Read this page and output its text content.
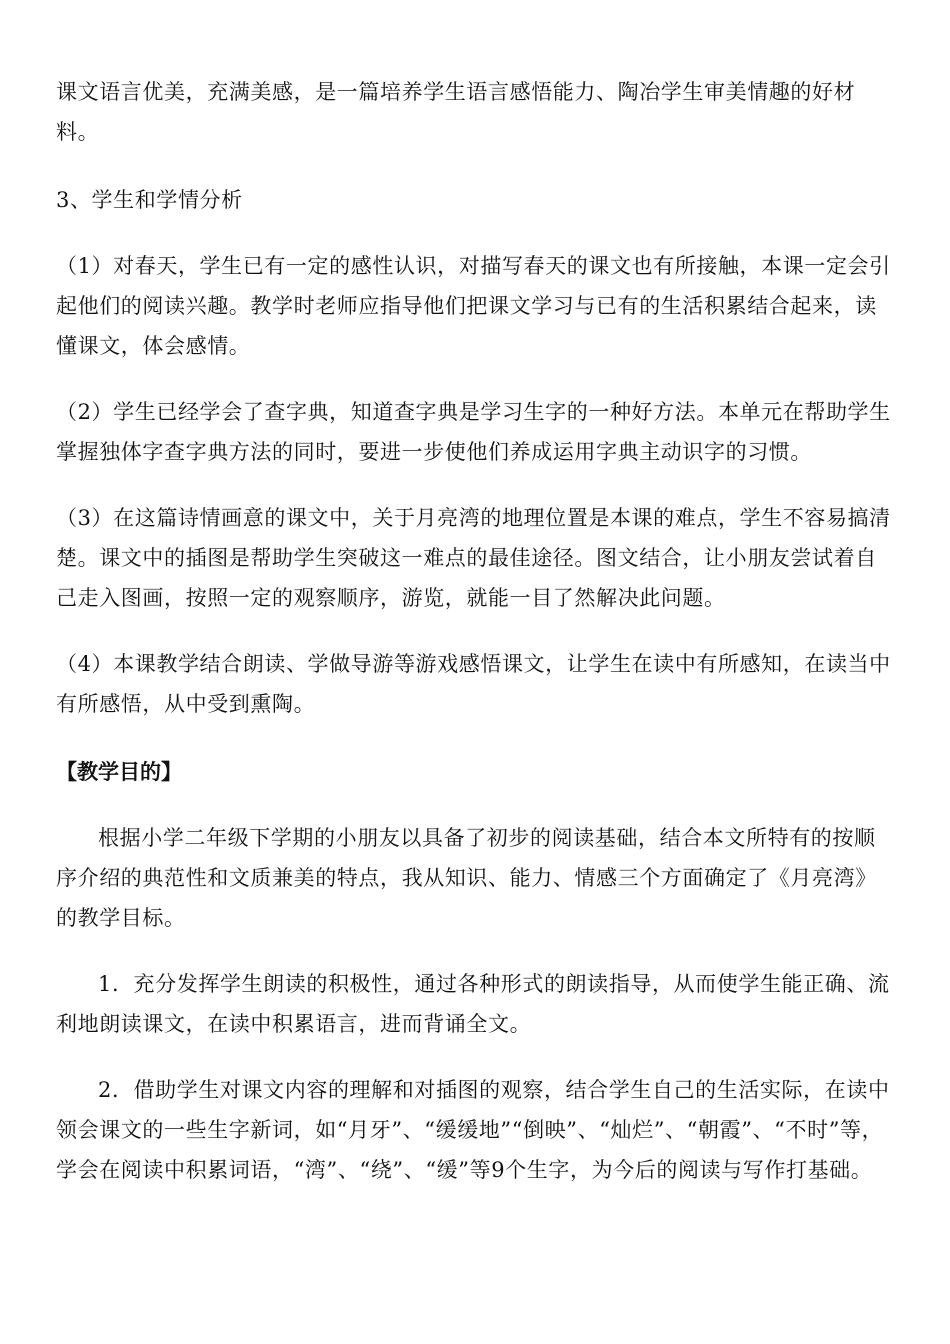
课文语言优美，充满美感，是一篇培养学生语言感悟能力、陶冶学生审美情趣的好材料。

3、学生和学情分析

（1）对春天，学生已有一定的感性认识，对描写春天的课文也有所接触，本课一定会引起他们的阅读兴趣。教学时老师应指导他们把课文学习与已有的生活积累结合起来，读懂课文，体会感情。

（2）学生已经学会了查字典，知道查字典是学习生字的一种好方法。本单元在帮助学生掌握独体字查字典方法的同时，要进一步使他们养成运用字典主动识字的习惯。

（3）在这篇诗情画意的课文中，关于月亮湾的地理位置是本课的难点，学生不容易搞清楚。课文中的插图是帮助学生突破这一难点的最佳途径。图文结合，让小朋友尝试着自己走入图画，按照一定的观察顺序，游览，就能一目了然解决此问题。

（4）本课教学结合朗读、学做导游等游戏感悟课文，让学生在读中有所感知，在读当中有所感悟，从中受到熏陶。

【教学目的】

根据小学二年级下学期的小朋友以具备了初步的阅读基础，结合本文所特有的按顺序介绍的典范性和文质兼美的特点，我从知识、能力、情感三个方面确定了《月亮湾》的教学目标。

1．充分发挥学生朗读的积极性，通过各种形式的朗读指导，从而使学生能正确、流利地朗读课文，在读中积累语言，进而背诵全文。

2．借助学生对课文内容的理解和对插图的观察，结合学生自己的生活实际，在读中领会课文的一些生字新词，如“月牙”、“缓缓地”“倒映”、“灿烂”、“朝霞”、“不时”等，学会在阅读中积累词语，“湾”、“绕”、“缓”等9个生字，为今后的阅读与写作打基础。
